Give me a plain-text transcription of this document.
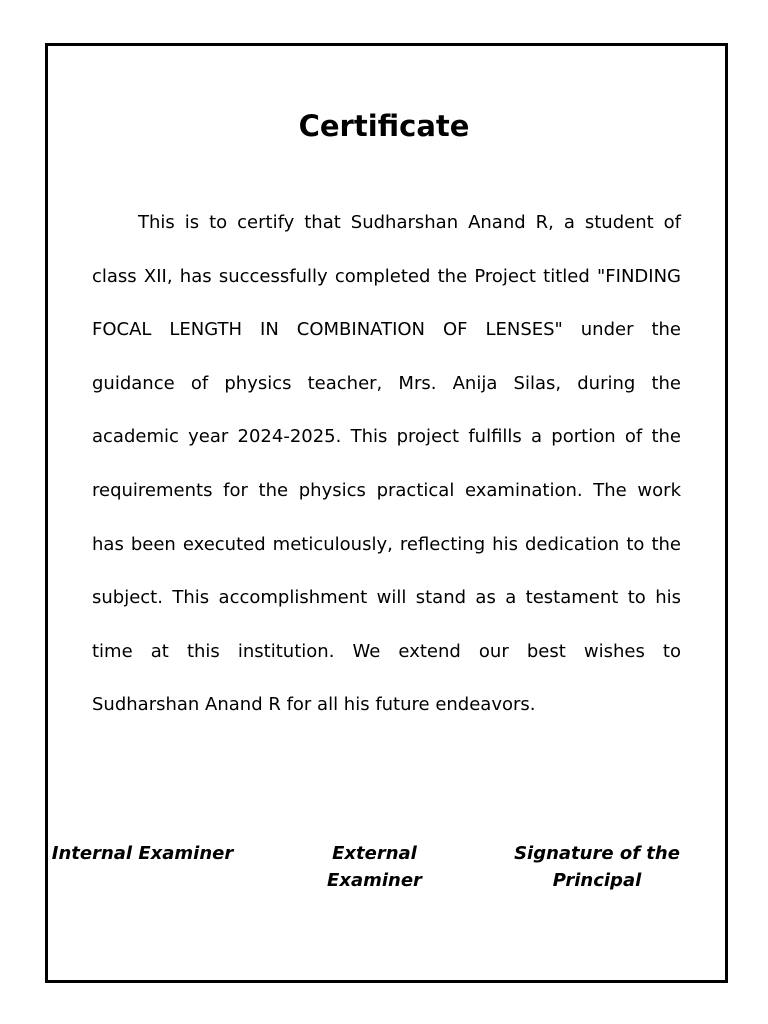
Certificate

This is to certify that Sudharshan Anand R, a student of class XII, has successfully completed the Project titled "FINDING FOCAL LENGTH IN COMBINATION OF LENSES" under the guidance of physics teacher, Mrs. Anija Silas, during the academic year 2024-2025. This project fulfills a portion of the requirements for the physics practical examination. The work has been executed meticulously, reflecting his dedication to the subject. This accomplishment will stand as a testament to his time at this institution. We extend our best wishes to Sudharshan Anand R for all his future endeavors.

Internal Examiner	External Examiner
Signature of the Principal
